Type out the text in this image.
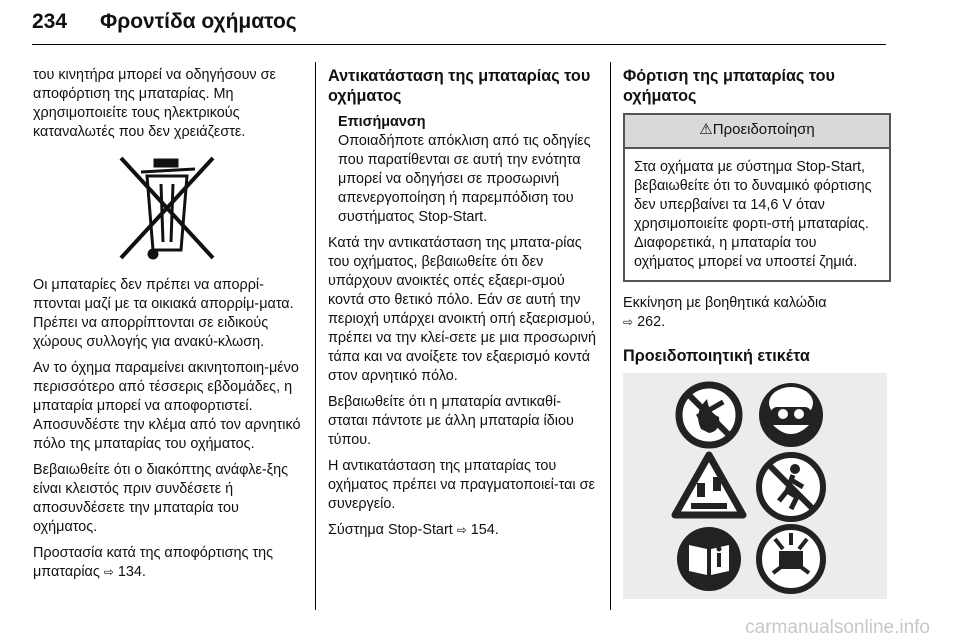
234 Φροντίδα οχήματος

του κινητήρα μπορεί να οδηγήσουν σε αποφόρτιση της μπαταρίας. Μη χρησιμοποιείτε τους ηλεκτρικούς καταναλωτές που δεν χρειάζεστε.

Οι μπαταρίες δεν πρέπει να απορρί-πτονται μαζί με τα οικιακά απορρίμ-ματα. Πρέπει να απορρίπτονται σε ειδικούς χώρους συλλογής για ανακύ-κλωση.

Αν το όχημα παραμείνει ακινητοποιη-μένο περισσότερο από τέσσερις εβδομάδες, η μπαταρία μπορεί να αποφορτιστεί. Αποσυνδέστε την κλέμα από τον αρνητικό πόλο της μπαταρίας του οχήματος.

Βεβαιωθείτε ότι ο διακόπτης ανάφλε-ξης είναι κλειστός πριν συνδέσετε ή αποσυνδέσετε την μπαταρία του οχήματος.

Προστασία κατά της αποφόρτισης της μπαταρίας ⇨ 134.

Αντικατάσταση της μπαταρίας του οχήματος
Επισήμανση
Οποιαδήποτε απόκλιση από τις οδηγίες που παρατίθενται σε αυτή την ενότητα μπορεί να οδηγήσει σε προσωρινή απενεργοποίηση ή παρεμπόδιση του συστήματος Stop-Start.

Κατά την αντικατάσταση της μπατα-ρίας του οχήματος, βεβαιωθείτε ότι δεν υπάρχουν ανοικτές οπές εξαερι-σμού κοντά στο θετικό πόλο. Εάν σε αυτή την περιοχή υπάρχει ανοικτή οπή εξαερισμού, πρέπει να την κλεί-σετε με μια προσωρινή τάπα και να ανοίξετε τον εξαερισμό κοντά στον αρνητικό πόλο.

Βεβαιωθείτε ότι η μπαταρία αντικαθί-σταται πάντοτε με άλλη μπαταρία ίδιου τύπου.

Η αντικατάσταση της μπαταρίας του οχήματος πρέπει να πραγματοποιεί-ται σε συνεργείο.

Σύστημα Stop-Start ⇨ 154.

Φόρτιση της μπαταρίας του οχήματος
⚠Προειδοποίηση
Στα οχήματα με σύστημα Stop-Start, βεβαιωθείτε ότι το δυναμικό φόρτισης δεν υπερβαίνει τα 14,6 V όταν χρησιμοποιείτε φορτι-στή μπαταρίας. Διαφορετικά, η μπαταρία του οχήματος μπορεί να υποστεί ζημιά.

Εκκίνηση με βοηθητικά καλώδια
⇨ 262.

Προειδοποιητική ετικέτα
carmanualsonline.info
